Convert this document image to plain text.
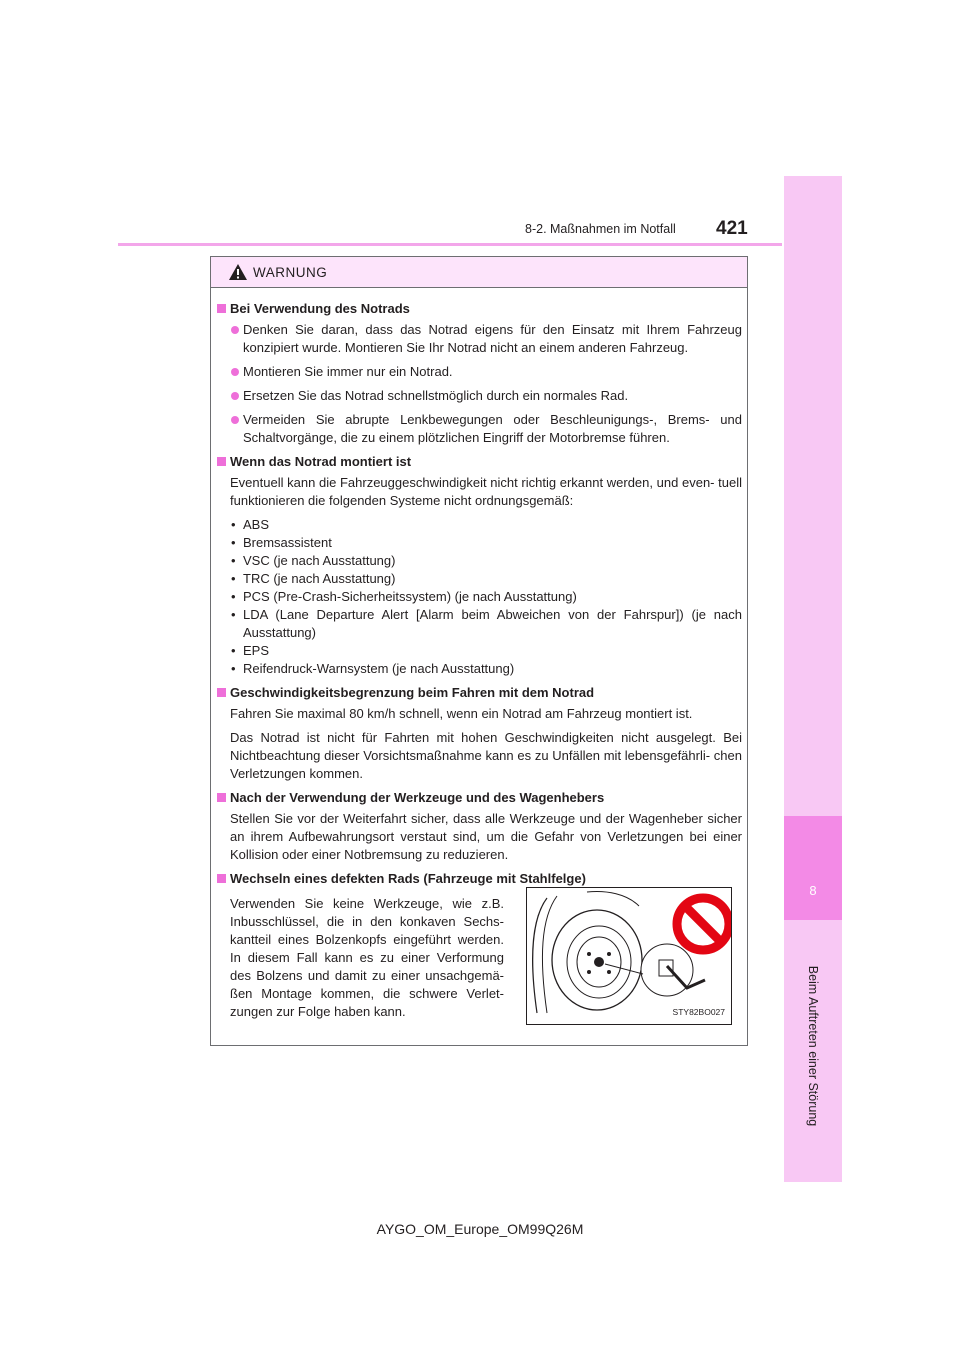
8
Beim Auftreten einer Störung
8-2. Maßnahmen im Notfall 421
WARNUNG
Bei Verwendung des Notrads
Denken Sie daran, dass das Notrad eigens für den Einsatz mit Ihrem Fahrzeug konzipiert wurde. Montieren Sie Ihr Notrad nicht an einem anderen Fahrzeug.
Montieren Sie immer nur ein Notrad.
Ersetzen Sie das Notrad schnellstmöglich durch ein normales Rad.
Vermeiden Sie abrupte Lenkbewegungen oder Beschleunigungs-, Brems- und Schaltvorgänge, die zu einem plötzlichen Eingriff der Motorbremse führen.
Wenn das Notrad montiert ist
Eventuell kann die Fahrzeuggeschwindigkeit nicht richtig erkannt werden, und even- tuell funktionieren die folgenden Systeme nicht ordnungsgemäß:
• ABS
• Bremsassistent
• VSC (je nach Ausstattung)
• TRC (je nach Ausstattung)
• PCS (Pre-Crash-Sicherheitssystem) (je nach Ausstattung)
• LDA (Lane Departure Alert [Alarm beim Abweichen von der Fahrspur]) (je nach Ausstattung)
• EPS
• Reifendruck-Warnsystem (je nach Ausstattung)
Geschwindigkeitsbegrenzung beim Fahren mit dem Notrad
Fahren Sie maximal 80 km/h schnell, wenn ein Notrad am Fahrzeug montiert ist.
Das Notrad ist nicht für Fahrten mit hohen Geschwindigkeiten nicht ausgelegt. Bei Nichtbeachtung dieser Vorsichtsmaßnahme kann es zu Unfällen mit lebensgefährli- chen Verletzungen kommen.
Nach der Verwendung der Werkzeuge und des Wagenhebers
Stellen Sie vor der Weiterfahrt sicher, dass alle Werkzeuge und der Wagenheber sicher an ihrem Aufbewahrungsort verstaut sind, um die Gefahr von Verletzungen bei einer Kollision oder einer Notbremsung zu reduzieren.
Wechseln eines defekten Rads (Fahrzeuge mit Stahlfelge)
Verwenden Sie keine Werkzeuge, wie z.B. Inbusschlüssel, die in den konkaven Sechs- kantteil eines Bolzenkopfs eingeführt werden. In diesem Fall kann es zu einer Verformung des Bolzens und damit zu einer unsachgemä- ßen Montage kommen, die schwere Verlet- zungen zur Folge haben kann.	STY82BO027
AYGO_OM_Europe_OM99Q26M
